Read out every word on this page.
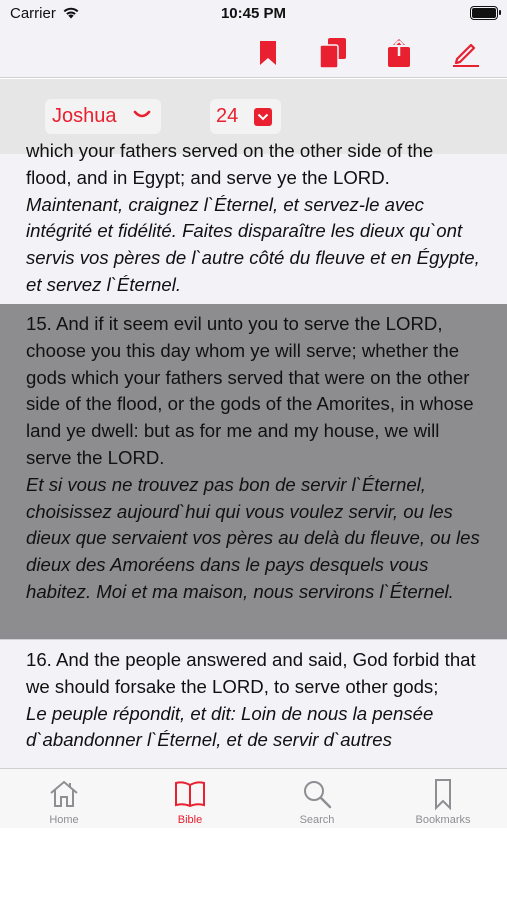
Carrier	10:45 PM
Joshua	24
which your fathers served on the other side of the flood, and in Egypt; and serve ye the LORD.
Maintenant, craignez l`Éternel, et servez-le avec intégrité et fidélité. Faites disparaître les dieux qu`ont servis vos pères de l`autre côté du fleuve et en Égypte, et servez l`Éternel.
15. And if it seem evil unto you to serve the LORD, choose you this day whom ye will serve; whether the gods which your fathers served that were on the other side of the flood, or the gods of the Amorites, in whose land ye dwell: but as for me and my house, we will serve the LORD.
Et si vous ne trouvez pas bon de servir l`Éternel, choisissez aujourd`hui qui vous voulez servir, ou les dieux que servaient vos pères au delà du fleuve, ou les dieux des Amoréens dans le pays desquels vous habitez. Moi et ma maison, nous servirons l`Éternel.
16. And the people answered and said, God forbid that we should forsake the LORD, to serve other gods;
Le peuple répondit, et dit: Loin de nous la pensée d`abandonner l`Éternel, et de servir d`autres
Home	Bible	Search	Bookmarks
